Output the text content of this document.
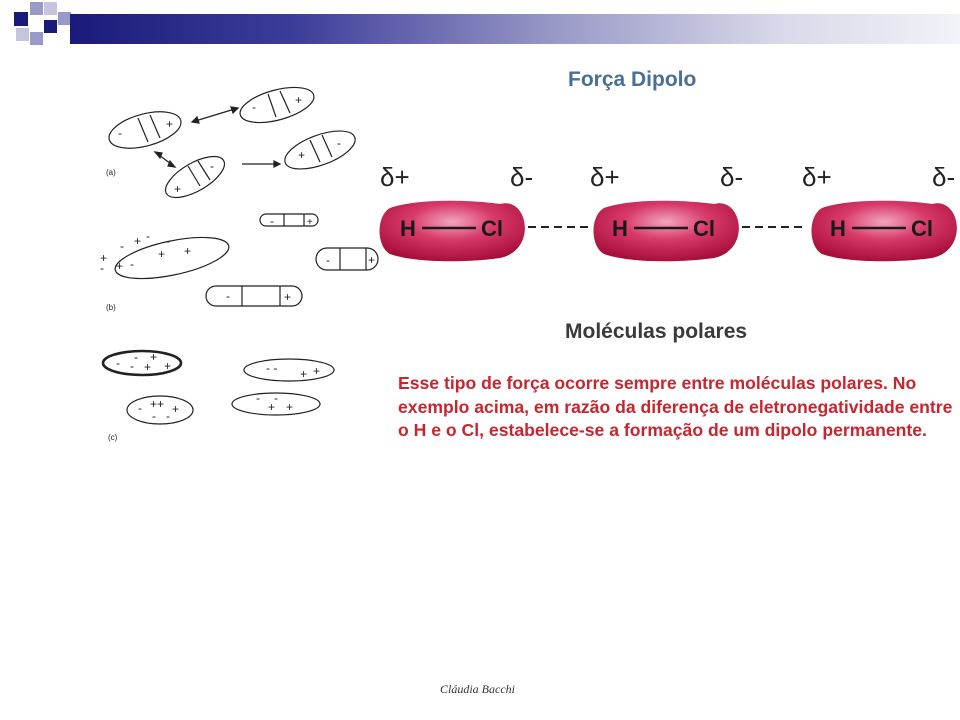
-
+
-	+
+
-
+
-
(a)
-	+
+
- + - -
+ +
-
+
-
-	+
-	+
(b)
- - +
- + +	- - + +
- ++ +
- -
- -
+ +
(c)
Força Dipolo
δ+	δ- δ+	δ- δ+	δ-
H	Cl	H	Cl	H	Cl
Moléculas polares
Esse tipo de força ocorre sempre entre moléculas polares. No exemplo acima, em razão da diferença de eletronegatividade entre o H e o Cl, estabelece-se a formação de um dipolo permanente.
Cláudia Bacchi
